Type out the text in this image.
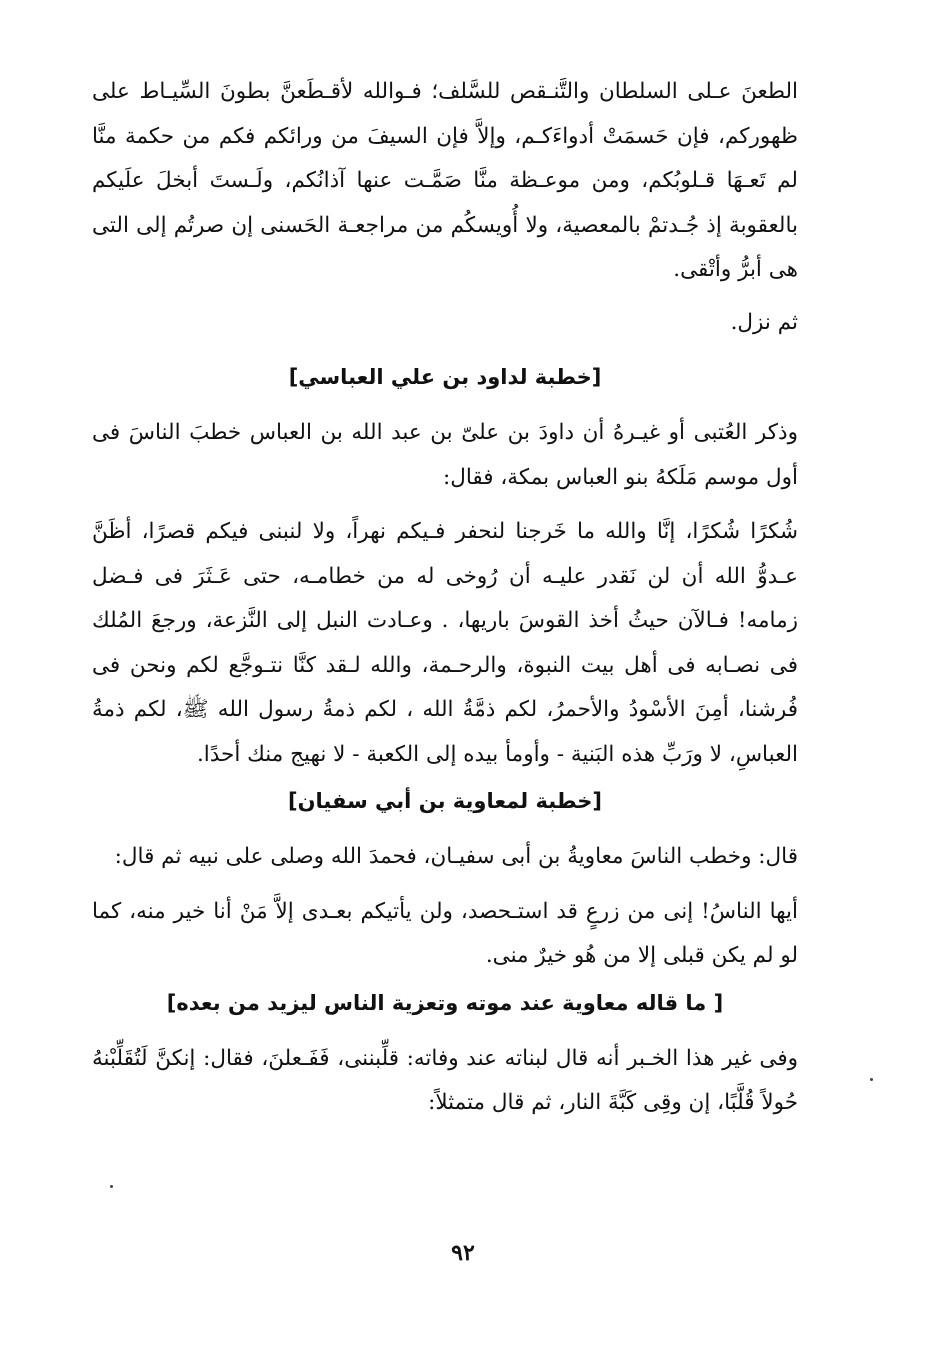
الطعنَ عـلى السلطان والتَّنـقص للسَّلف؛ فـوالله لأقـطَعنَّ بطونَ السِّيـاط على ظهوركم، فإن حَسمَتْ أدواءَكـم، وإلاَّ فإن السيفَ من ورائكم فكم من حكمة منَّا لم تَعـهَا قـلوبُكم، ومن موعـظة منَّا صَمَّـت عنها آذانُكم، ولَـستَ أبخلَ علَيكم بالعقوبة إذ جُـدتمْ بالمعصية، ولا أُويسكُم من مراجعـة الحَسنى إن صرتُم إلى التى هى أبرُّ وأتْقى.

ثم نزل.

[خطبة لداود بن علي العباسي]

وذكر العُتبى أو غيـرهُ أن داودَ بن علىّ بن عبد الله بن العباس خطبَ الناسَ فى أول موسم مَلَكهُ بنو العباس بمكة، فقال:

شُكرًا شُكرًا، إنَّا والله ما خَرجنا لنحفر فـيكم نهراً، ولا لنبنى فيكم قصرًا، أظَنَّ عـدوُّ الله أن لن نَقدر عليـه أن رُوخى له من خطامـه، حتى عَـثَرَ فى فـضل زمامه! فـالآن حيثُ أخذ القوسَ باريها، . وعـادت النبل إلى النَّزعة، ورجعَ المُلك فى نصـابه فى أهل بيت النبوة، والرحـمة، والله لـقد كنَّا نتـوجَّع لكم ونحن فى فُرشنا، أمِنَ الأسْودُ والأحمرُ، لكم ذمَّةُ الله ، لكم ذمةُ رسول الله ﷺ، لكم ذمةُ العباسِ، لا ورَبِّ هذه البَنية - وأومأ بيده إلى الكعبة - لا نهيج منك أحدًا.

[خطبة لمعاوية بن أبي سفيان]

قال: وخطب الناسَ معاويةُ بن أبى سفيـان، فحمدَ الله وصلى على نبيه ثم قال:

أيها الناسُ! إنى من زرعٍ قد استـحصد، ولن يأتيكم بعـدى إلاَّ مَنْ أنا خير منه، كما لو لم يكن قبلى إلا من هُو خيرٌ منى.

[ ما قاله معاوية عند موته وتعزية الناس ليزيد من بعده]

وفى غير هذا الخـبر أنه قال لبناته عند وفاته: قلِّبننى، فَفَـعلنَ، فقال: إنكنَّ لَتُقَلِّبْنهُ حُولاً قُلَّبًا، إن وقِى كَبَّةَ النار، ثم قال متمثلاً:

٩٢
